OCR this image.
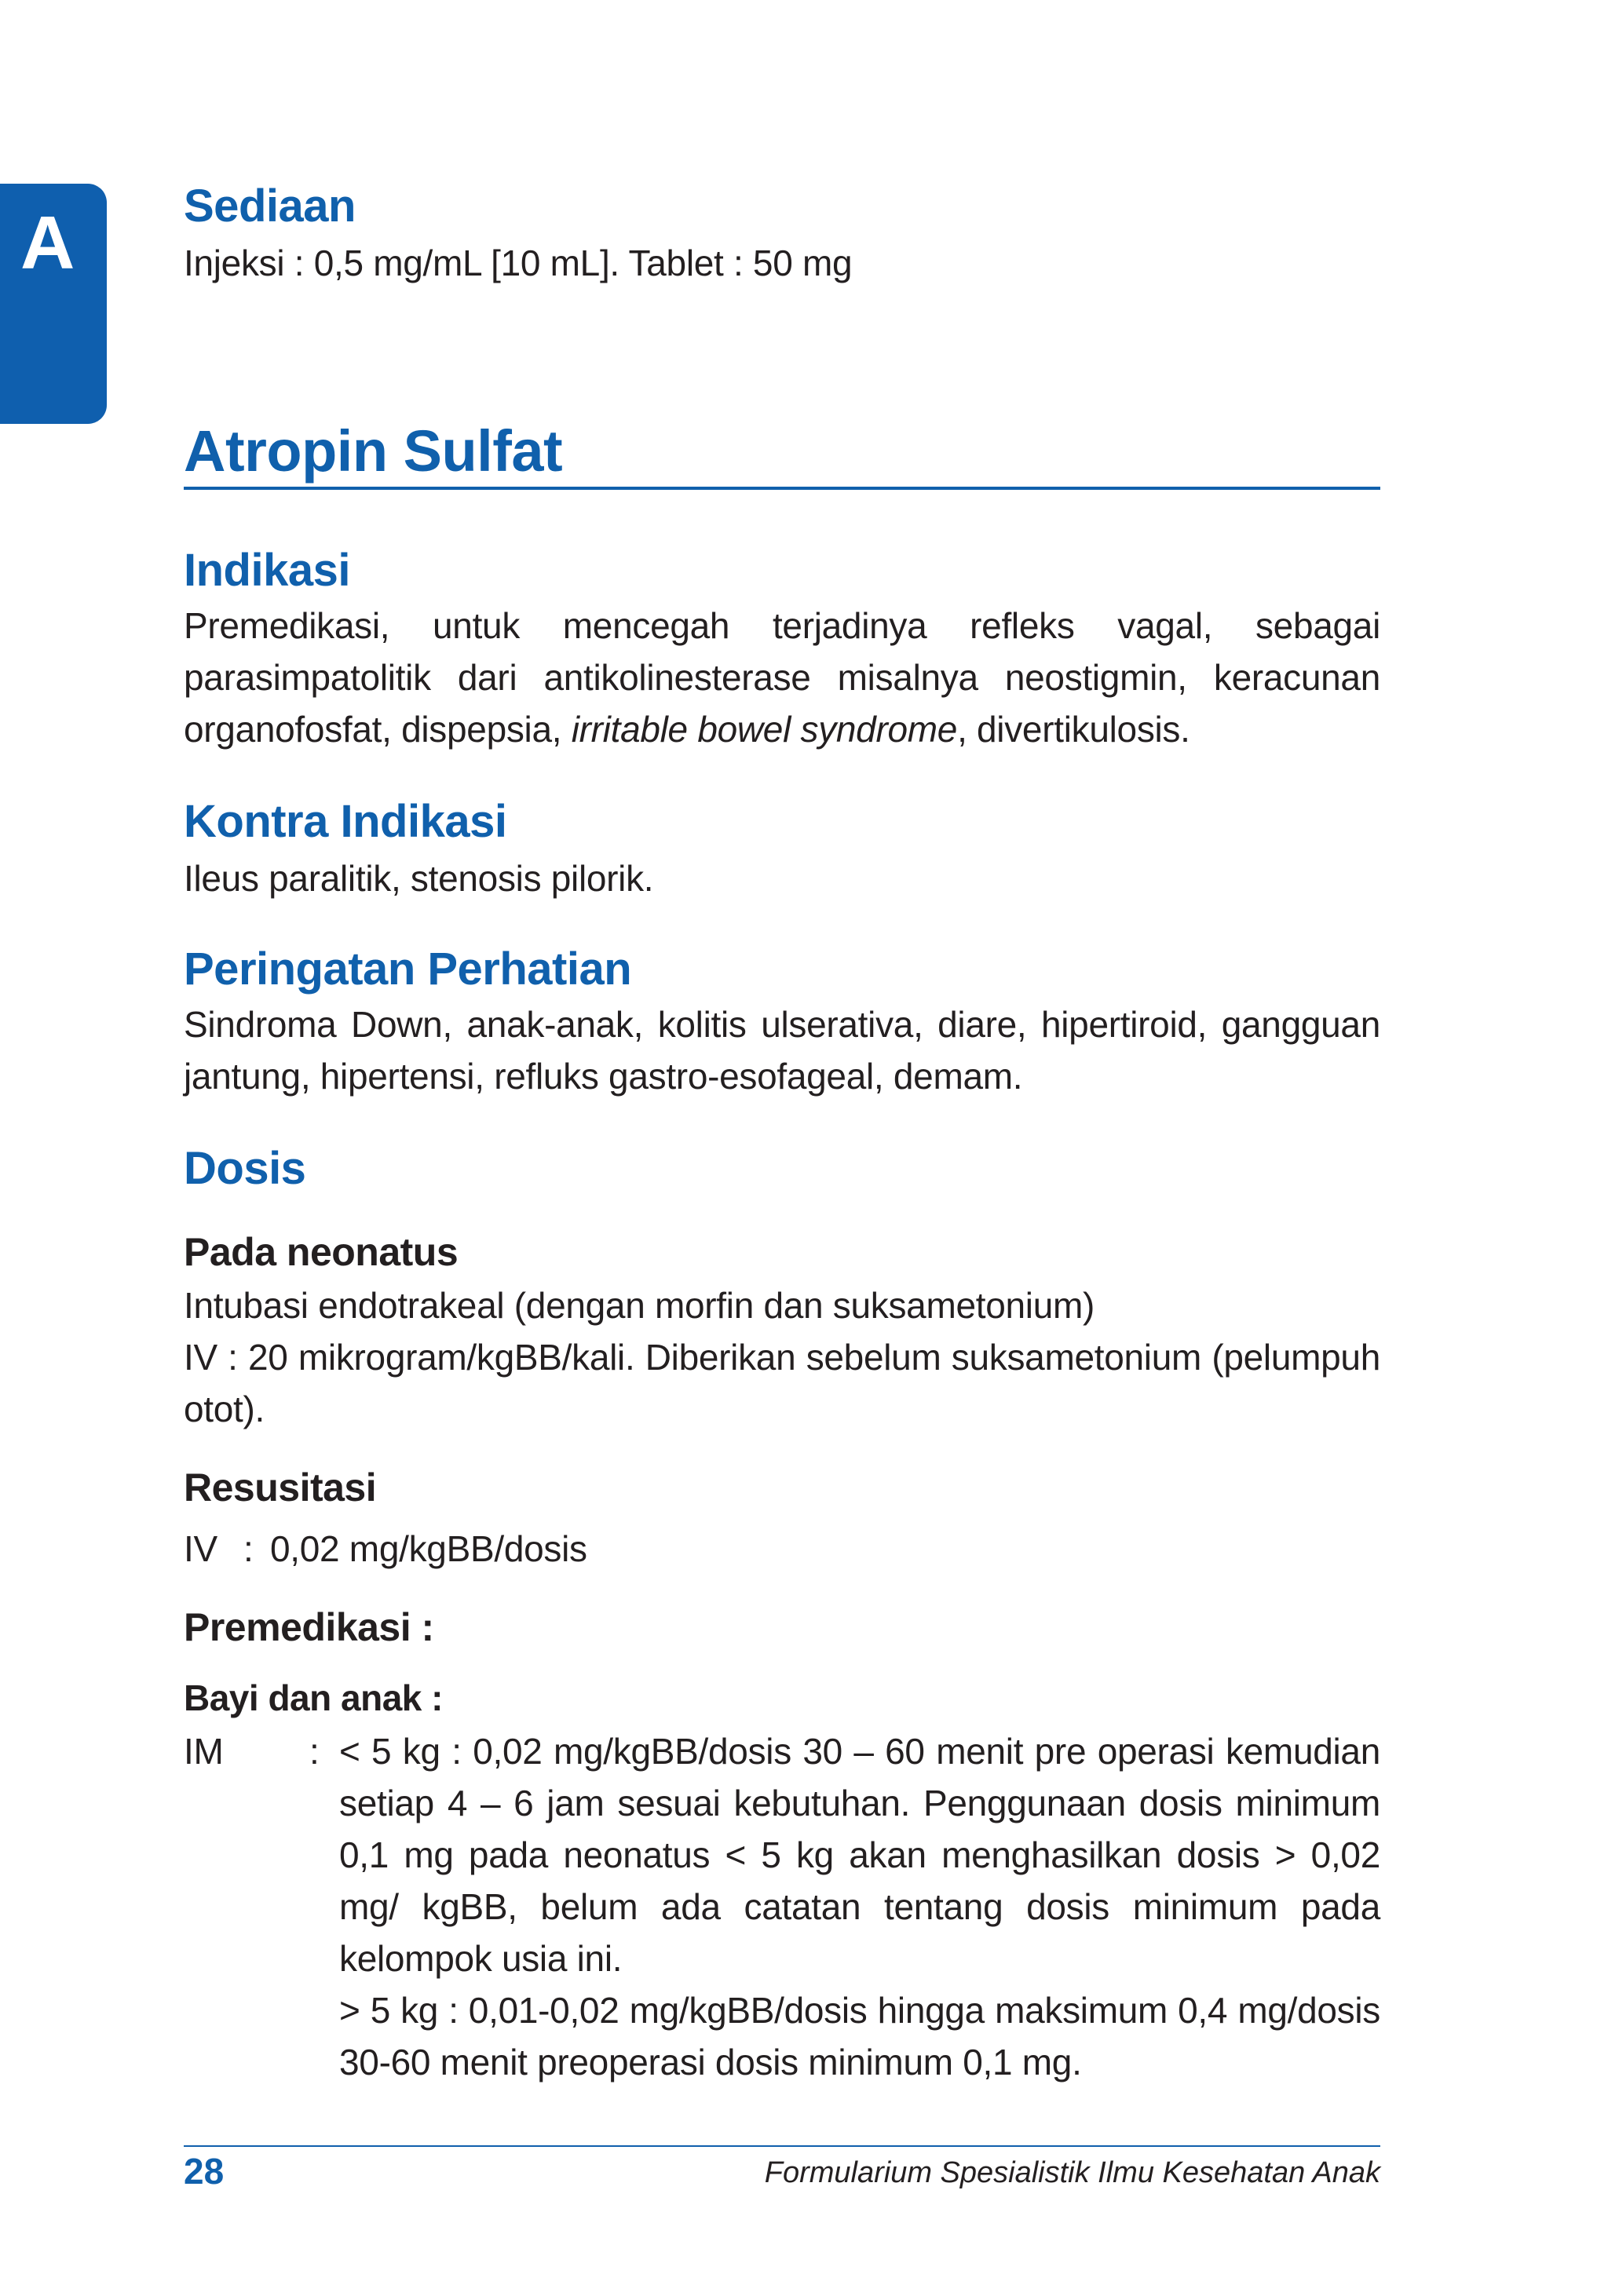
A Sediaan

Injeksi : 0,5 mg/mL [10 mL]. Tablet : 50 mg

Atropin Sulfat
Indikasi

Premedikasi, untuk mencegah terjadinya refleks vagal, sebagai parasimpatolitik dari antikolinesterase misalnya neostigmin, keracunan organofosfat, dispepsia, irritable bowel syndrome, divertikulosis.

Kontra Indikasi

Ileus paralitik, stenosis pilorik.

Peringatan Perhatian

Sindroma Down, anak-anak, kolitis ulserativa, diare, hipertiroid, gangguan jantung, hipertensi, refluks gastro-esofageal, demam.

Dosis
Pada neonatus

Intubasi endotrakeal (dengan morfin dan suksametonium)

IV : 20 mikrogram/kgBB/kali. Diberikan sebelum suksametonium (pelumpuh otot).

Resusitasi
IV : 0,02 mg/kgBB/dosis
Premedikasi :
Bayi dan anak :
IM : < 5 kg : 0,02 mg/kgBB/dosis 30 – 60 menit pre operasi kemudian setiap 4 – 6 jam sesuai kebutuhan. Penggunaan dosis minimum 0,1 mg pada neonatus < 5 kg akan menghasilkan dosis > 0,02 mg/ kgBB, belum ada catatan tentang dosis minimum pada kelompok usia ini.

> 5 kg : 0,01-0,02 mg/kgBB/dosis hingga maksimum 0,4 mg/dosis 30-60 menit preoperasi dosis minimum 0,1 mg.

28	Formularium Spesialistik Ilmu Kesehatan Anak
